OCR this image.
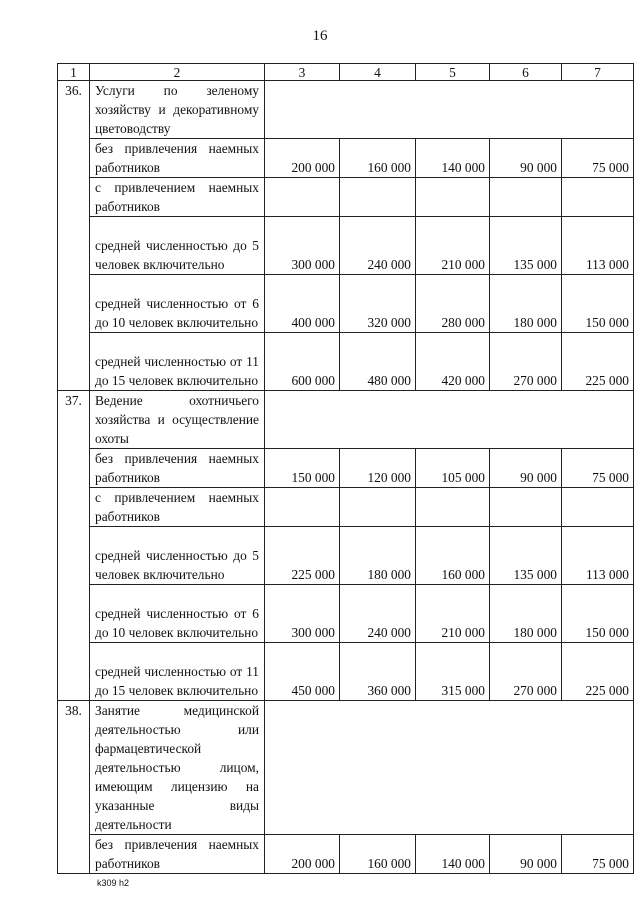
16
1	2	3	4	5	6	7
36.	Услуги по зеленому хозяйству и декоративному цветоводству					
	без привлечения наемных работников	200 000	160 000	140 000	90 000	75 000
	с привлечением наемных работников					
	средней численностью до 5 человек включительно	300 000	240 000	210 000	135 000	113 000
	средней численностью от 6 до 10 человек включительно	400 000	320 000	280 000	180 000	150 000
	средней численностью от 11 до 15 человек включительно	600 000	480 000	420 000	270 000	225 000
37.	Ведение охотничьего хозяйства и осуществление охоты					
	без привлечения наемных работников	150 000	120 000	105 000	90 000	75 000
	с привлечением наемных работников					
	средней численностью до 5 человек включительно	225 000	180 000	160 000	135 000	113 000
	средней численностью от 6 до 10 человек включительно	300 000	240 000	210 000	180 000	150 000
	средней численностью от 11 до 15 человек включительно	450 000	360 000	315 000	270 000	225 000
38.	Занятие медицинской деятельностью или фармацевтической деятельностью лицом, имеющим лицензию на указанные виды деятельности					
	без привлечения наемных работников	200 000	160 000	140 000	90 000	75 000
k309 h2
